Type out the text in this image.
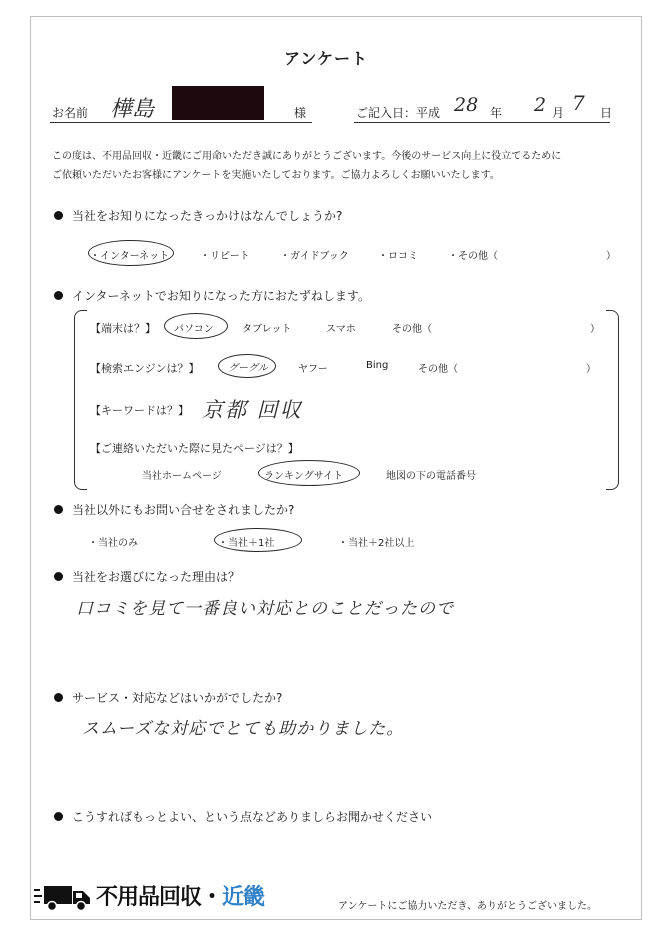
アンケート
お名前 樺島	様	ご記入日：平成 28 年 2 月 7 日
この度は、不用品回収・近畿にご用命いただき誠にありがとうございます。今後のサービス向上に役立てるために
ご依頼いただいたお客様にアンケートを実施いたしております。ご協力よろしくお願いいたします。
当社をお知りになったきっかけはなんでしょうか?
・インターネット	・リピート	・ガイドブック	・ロコミ	・その他（	）
インターネットでお知りになった方におたずねします。
【端末は？】 パソコン	タブレット	スマホ	その他（	）
【検索エンジンは？】	グーグル	ヤフー	Bing	その他（	）
【キーワードは？】 京都 回収
【ご連絡いただいた際に見たページは？】
当社ホームページ	ランキングサイト	地図の下の電話番号
当社以外にもお問い合せをされましたか?
・当社のみ	・当社＋1社	・当社＋2社以上
当社をお選びになった理由は？
口コミを見て一番良い対応とのことだったので
サービス・対応などはいかがでしたか?
スムーズな対応でとても助かりました。
こうすればもっとよい、という点などありましらお聞かせください
不用品回収・近畿	アンケートにご協力いただき、ありがとうございました。
